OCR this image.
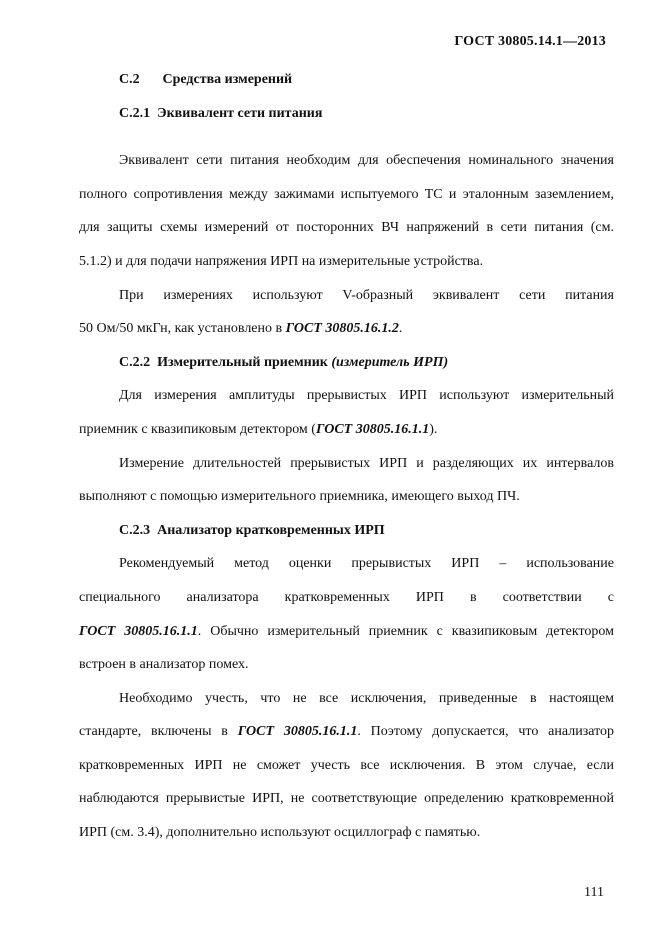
ГОСТ 30805.14.1—2013
С.2 Средства измерений
С.2.1 Эквивалент сети питания
Эквивалент сети питания необходим для обеспечения номинального значения
полного сопротивления между зажимами испытуемого ТС и эталонным заземлением,
для защиты схемы измерений от посторонних ВЧ напряжений в сети питания (см.
5.1.2) и для подачи напряжения ИРП на измерительные устройства.
При измерениях используют V-образный эквивалент сети питания
50 Ом/50 мкГн, как установлено в ГОСТ 30805.16.1.2.
С.2.2 Измерительный приемник (измеритель ИРП)
Для измерения амплитуды прерывистых ИРП используют измерительный
приемник с квазипиковым детектором (ГОСТ 30805.16.1.1).
Измерение длительностей прерывистых ИРП и разделяющих их интервалов
выполняют с помощью измерительного приемника, имеющего выход ПЧ.
С.2.3 Анализатор кратковременных ИРП
Рекомендуемый метод оценки прерывистых ИРП – использование
специального анализатора кратковременных ИРП в соответствии с
ГОСТ 30805.16.1.1. Обычно измерительный приемник с квазипиковым детектором
встроен в анализатор помех.
Необходимо учесть, что не все исключения, приведенные в настоящем
стандарте, включены в ГОСТ 30805.16.1.1. Поэтому допускается, что анализатор
кратковременных ИРП не сможет учесть все исключения. В этом случае, если
наблюдаются прерывистые ИРП, не соответствующие определению кратковременной
ИРП (см. 3.4), дополнительно используют осциллограф с памятью.
111
